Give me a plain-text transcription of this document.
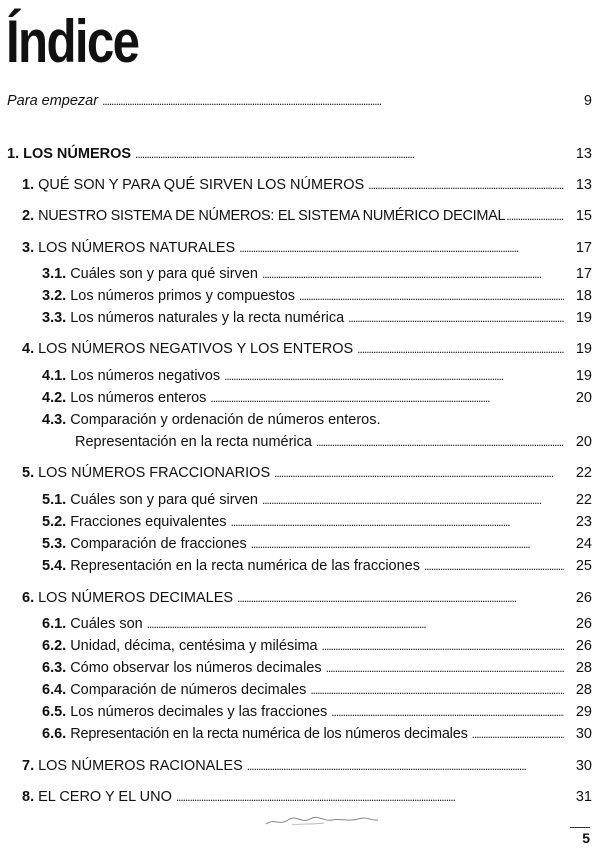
Índice
Para empezar . . .	9
1. LOS NÚMEROS . . .	13
1. QUÉ SON Y PARA QUÉ SIRVEN LOS NÚMEROS . . .	13
2. NUESTRO SISTEMA DE NÚMEROS: EL SISTEMA NUMÉRICO DECIMAL . . .	15
3. LOS NÚMEROS NATURALES . . .	17
3.1. Cuáles son y para qué sirven . . .	17
3.2. Los números primos y compuestos . . .	18
3.3. Los números naturales y la recta numérica . . .	19
4. LOS NÚMEROS NEGATIVOS Y LOS ENTEROS . . .	19
4.1. Los números negativos . . .	19
4.2. Los números enteros . . .	20
4.3. Comparación y ordenación de números enteros.
Representación en la recta numérica . . .	20
5. LOS NÚMEROS FRACCIONARIOS . . .	22
5.1. Cuáles son y para qué sirven . . .	22
5.2. Fracciones equivalentes . . .	23
5.3. Comparación de fracciones . . .	24
5.4. Representación en la recta numérica de las fracciones . . .	25
6. LOS NÚMEROS DECIMALES . . .	26
6.1. Cuáles son . . .	26
6.2. Unidad, décima, centésima y milésima . . .	26
6.3. Cómo observar los números decimales . . .	28
6.4. Comparación de números decimales . . .	28
6.5. Los números decimales y las fracciones . . .	29
6.6. Representación en la recta numérica de los números decimales . . .	30
7. LOS NÚMEROS RACIONALES . . .	30
8. EL CERO Y EL UNO . . .	31
5
